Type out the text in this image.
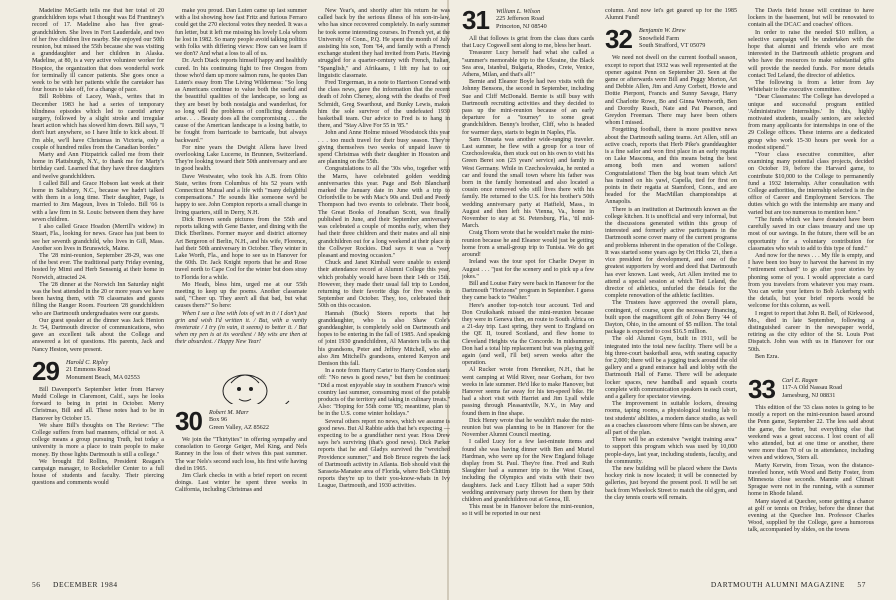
Madeline McGarth tells me that her total of 20 grandchildren tops what I thought was Ed Franttney's record of 17. Madeline also has five great-grandchildren. She lives in Fort Lauderdale, and two of her five children live nearby. She enjoyed our 50th reunion, but missed the 55th because she was visiting a granddaughter and her children in Alaska. Madeline, at 80, is a very active volunteer worker for Hospice, the organization that does wonderful work for terminally ill cancer patients. She goes once a week to be with her patients while the caretaker has four hours to take off, for a change of pace.

Bill Robbins of Lacey, Wash., writes that in December 1983 he had a series of temporary blindness episodes which led to carotid artery surgery, followed by a slight stroke and irregular heart action which has slowed him down. Bill says, "I don't hurt anywhere, so I have little to kick about. If I'm able, we'll have Christmas in Victoria, only a couple of hundred miles from the Canadian border."

Marty and Ann Fitzpatrick called me from their home in Plattsburgh, N.Y., to thank me for Marty's birthday card. Learned that they have three daughters and twelve grandchildren.

I called Bill and Grace Hobson last week at their home in Salisbury, N.C., because we hadn't talked with them in a long time. Their daughter, Page, is married to Jim Magoun, lives in Toledo. Bill '66 is with a law firm in St. Louis: between them they have seven children.

I also called Grace Hoadon (Merrill's widow) in Stuart, Fla., looking for news. Grace has just been to see her seventh grandchild, who lives in Gill, Mass. Another son lives in Brunswick, Maine.

The '28 mini-reunion, September 28-29, was one of the best ever. The traditional party Friday evening, hosted by Mimi and Herb Sensenig at their home in Norwich, attracted 24.

The '28 dinner at the Norwich Inn Saturday night was the best attended in the 20 or more years we have been having them, with 78 classmates and guests filling the Ranger Room. Fourteen '28 grandchildren who are Dartmouth undergraduates were our guests.

Our guest speaker at the dinner was Jack Henion Jr. '54, Dartmouth director of communications, who gave an excellent talk about the College and answered a lot of questions. His parents, Jack and Nancy Heston, were present.

29	Harold C. Ripley
21 Emmons Road
Monument Beach, MA 02553

Bill Davenport's September letter from Harvey Mudd College in Claremont, Calif., says he looks forward to being in print in October. Merry Christmas, Bill and all. These notes had to be in Hanover by October 15.

We share Bill's thoughts on The Review: "The College suffers from bad manners, official or not. A college means a group pursuing Truth, but today a university is more a place to train people to make money. By those lights Dartmouth is still a college."

We brought Ed Rollins, President Reagan's campaign manager, to Rockefeller Center to a full house of students and faculty. Their piercing questions and comments would

make you proud. Dan Luten came up last summer with a list showing how fast Fritz and furious Ferraro could get the 270 electoral votes they needed. It was a fun letter, but it left me missing his lovely Lola whom he lost in 1982. So many people avoid talking politics with folks with differing views: How can we learn if we don't? And what a loss to all of us.

Dr. Arch Diack reports himself happy and healthily cured. In his continuing fight to free Oregon from those who'd dam up more salmon runs, he quotes Dan Luten's essay from The Living Wilderness: "So long as Americans continue to value both the useful and the beautiful qualities of the landscape, so long as they are beset by both nostalgia and wanderlust, for so long will the problems of conflicting demands arise. . . . Beauty does all the compromising . . . the cause of the American landscape is a losing battle, to be fought from barricade to barricade, but always backward."

For nine years the Dwight Allens have lived overlooking Lake Lucerne, in Brunnen, Switzerland. They're looking toward their 50th anniversary and are in good health.

Dave Westwater, who took his A.B. from Ohio State, writes from Columbus of his 52 years with Connecticut Mutual and a life with "many delightful compensations." He sounds like someone we'd be happy to see. John Compton reports a small change in living quarters, still in Derry, N.H.

Dick Brown sends pictures from the 55th and reports talking with Gene Baxter, and dining with the Dick Eberlines. Former mayor and district attorney Art Bergeron of Berlin, N.H., and his wife, Florence, had their 50th anniversary in October. They winter in Lake Worth, Fla., and hope to see us in Hanover for the 60th. Dr. Jack Knight reports that he and Rose travel north to Cape Cod for the winter but does stray to Florida for a while.

Mo Heath, bless him, urged me at our 55th meeting to keep up the poems. Another classmate said, "Cheer up. They aren't all that bad, but what causes them?" So here:

When I see a line with lots of wit in it / I don't just grin and wish I'd written it. / But, with a vanity inveterate / I try (in vain, it seems) to better it. / But when my pen is at its wordiest / My wits are then at their absurdest. / Happy New Year!

New Year's, and shortly after his return he was called back by the serious illness of his son-in-law, who has since recovered completely. In early summer he took some interesting courses. In French yet, at the University of Conn., P.Q. He spent the month of July assisting his son, Tom '64, and family with a French exchange student they had invited from Paris. Having struggled for a quarter-century with French, Italian, "Spanglish," and Afrikaans, I lift my hat to our linguistic classmate.

Fred Torgerman, in a note to Harrison Conrad with the class news, gave the information that the recent death of John Cheney, along with the deaths of Fred Schmidt, Greg Swarthout, and Bunky Lewis, makes him the sole survivor of the undefeated 1930 basketball team. Our advice to Fred is to hang in there, and "Stay Alive For 55 in '85."

John and Anne Holme missed Woodstock this year . . . too much travel for their busy season. They're giving themselves two weeks of unpaid leave to spend Christmas with their daughter in Houston and are planning on the 55th.

Congratulations to all the '30s who, together with the Marrs, have celebrated golden wedding anniversaries this year. Page and Bob Blanchard marked the January date in June with a trip to Orfordville to be with Mac's 90s and. Dud and Peedy Thompson had two events to celebrate. Their book, The Great Books of Jonathan Scott, was finally published in June, and their September anniversary was celebrated a couple of months early, when they had their three children and their mates and all nine grandchildren out for a long weekend at their place in the Collwyer Rockies. Dud says it was a "very pleasant and moving occasion."

Chuck and Janet Kimball were unable to extend their attendance record at Alumni College this year, which probably would have been their 14th or 15th. However, they made their usual fall trip to London, returning to their favorite digs for five weeks in September and October. They, too, celebrated their 50th on this occasion.

Hannah (Buck) Steers reports that her granddaughter, who is also Shaw Cole's granddaughter, is completely sold on Dartmouth and hopes to be entering in the fall of 1985. And speaking of joint 1930 grandchildren, Al Marsters tells us that his grandsons, Peter and Jeffrey Mitchell, who are also Jim Mitchell's grandsons, entered Kenyon and Denison this fall.

In a note from Harry Carter to Harry Condon starts off: "No news is good news," but then he continues: "Did a most enjoyable stay in southern France's wine country last summer, consuming most of the potable products of the territory and taking in culinary treats." Also: "Hoping for 55th come '85; meantime, plan to be in the U.S. come winter holidays."

Several others report no news, which we assume is good news. But Al Rabbie adds that he's expecting — expecting to be a grandfather next year. Hoss Drew says he's surviving (that's good news). Dick Parker reports that he and Gladys survived the "wretched Providence summer," and Bob Bruce regrets the lack of Dartmouth activity in Atlanta. Bob should visit the Sarasota-Manatee area of Florida, where Bob Chittim reports they're up to their you-know-whats in Ivy League, Dartmouth, and 1930 activities.

30	Robert M. Marr
Box 96
Green Valley, AZ 85622

We join the "Thirtyites" in offering sympathy and consolation to George Geiger, Mel King, and Nels Ranney in the loss of their wives this past summer. The war Nels's second such loss, his first wife having died in 1965.

Jim Clark checks in with a brief report on recent doings. Last winter he spent three weeks in California, including Christmas and

31	William L. Wilson
225 Jefferson Road
Princeton, NJ 08540

All that follows is grist from the class dues cards that Lucy Cogswell sent along to me, bless her heart.

Treasurer Lucy herself had what she called a "summer's memorable trip to the Ukraine, the Black Sea area, Istanbul, Bulgaria, Rhodes, Crete, Venice, Athens, Milan, and that's all!"

Bernie and Eleanor Boyle had two visits with the Johnny Bensons, the second in September, including Sue and Cliff McDonald. Bernie is still busy with Dartmouth recruiting activities and they decided to pass up the mini-reunion because of an early departure for a "tourney" to some great grandchildren. Benny's brother, Cliff, who is headed for warmer days, starts to begin in Naples, Fla.

Sam Omasta was another wide-ranging traveler. Last summer, he flew with a group for a tour of Czechoslovakia, then stuck out on his own to visit his Green Beret son (23 years' service) and family in West Germany. While in Czechoslovakia, he rented a car and found the small town where his father was born in the family homestead and also located a cousin once removed who still lives there with his family. He returned to the U.S. for his brother's 50th wedding anniversary party at Hatfield, Mass., in August and then left his Vienna, Va., home in November to stay at St. Petersburg, Fla., 'til mid-March.

Craig Thorn wrote that he wouldn't make the mini-reunion because he and Eleanor would just be getting home from a small-group trip to Tunisia. We do get around!

Ireland was the tour spot for Charlie Dwyer in August . . . "just for the scenery and to pick up a few jokes."

Bill and Louise Fairy were back in Hanover for the Dartmouth "Horizons" program in September. I guess they came back to "Walter."

Here's another top-notch tour account. Ted and Don Cruikshank missed the mini-reunion because they were in Geneva then, en route to South Africa on a 21-day trip. Last spring, they went to England on the QE II, toured Scotland, and flew home to Cleveland Heights via the Concorde. In midsummer, Don had a total hip replacement but was playing golf again (and well, I'll bet) seven weeks after the operation.

Al Rucker wrote from Henniker, N.H., that he went camping at Wild River, near Gorham, for two weeks in late summer. He'd like to make Hanover, but Hanover seems far away for his ten-speed bike. He had a short visit with Harriet and Jim Lyall while passing through Pleasantville, N.Y., in May and found them in fine shape.

Dick Henry wrote that he wouldn't make the mini-reunion but was planning to be in Hanover for the November Alumni Council meeting.

I called Lucy for a few last-minute items and found she was having dinner with Ben and Muriel Hardman, who were up for the New England foliage display from St. Paul. They're fine. Fred and Ruth Slaughter had a summer trip to the West Coast, including the Olympics and visits with their two daughters. Jack and Lucy Elliott had a super 50th wedding anniversary party thrown for them by their children and grandchildren out at Genoa, Ill.

This must be in Hanover before the mini-reunion, so it will be reported in our next

column. And now let's get geared up for the 1985 Alumni Fund!

32	Benjamin W. Drew
Snowfield Farm
South Strafford, VT 05079

We need not dwell on the current football season, except to report that 1932 was well represented at the opener against Penn on September 20. Seen at the game or afterwards were Bill and Peggy Morton, Art and Debbie Allen, Jim and Amy Corbett, Howie and Dottie Pierpont, Francis and Sunny Savage, Harry and Charlotte Rowe, Bo and Ginna Wentworth, Ben and Dorothy Rusch, Nate and Pat Pearson, and Greydon Freeman. There may have been others whom I missed.

Forgetting football, there is more positive news about the Dartmouth sailing teams. Art Allen, still an active coach, reports that Herb Pike's granddaughter is a fine sailor and won first place in an early regatta on Lake Mascoma, and this means being the best among both men and women sailors! Congratulations! Then the big boat team which Art has trained on his yawl, Capella, tied for first on points in their regatta at Stamford, Conn., and are headed for the MacMillan championships at Annapolis.

There is an institution at Dartmouth known as the college kitchen. It is unofficial and very informal, but the discussions generated within this group of interested and formerly active participants in the Dartmouth scene cover many of the current programs and problems inherent in the operation of the College. It was started some years ago by Ort Hicks '21, then a vice president for development, and one of the greatest supporters by word and deed that Dartmouth has ever known. Last week, Art Allen invited me to attend a special session at which Ted Leland, the director of athletics, unfurled the details for the complete renovation of the athletic facilities.

The Trustees have approved the overall plans, contingent, of course, upon the necessary financing, built upon the magnificent gift of John Berry '44 of Dayton, Ohio, in the amount of $5 million. The total package is expected to cost $16.5 million.

The old Alumni Gym, built in 1911, will be integrated into the total new facility. There will be a big three-court basketball area, with seating capacity for 2,000; there will be a jogging track around the old gallery and a grand entrance hall and lobby with the Dartmouth Hall of Fame. There will be adequate locker spaces, new handball and squash courts complete with communication speakers in each court, and a gallery for spectator viewing.

The improvement in suitable lockers, dressing rooms, taping rooms, a physiological testing lab to test students' abilities, a modern dance studio, as well as a coaches classroom where films can be shown, are all part of the plan.

There will be an extensive "weight training area" to support this program which was used by 10,000 people-days, last year, including students, faculty, and the community.

The new building will be placed where the Davis hockey rink is now located; it will be connected by galleries, just beyond the present pool. It will be set back from Wheelock Street to match the old gym, and the clay tennis courts will remain.

The Davis field house will continue to have lockers in the basement, but will be renovated to contain all the DCAC and coaches' offices.

In order to raise the needed $10 million, a selective campaign will be undertaken with the hope that alumni and friends who are most interested in the Dartmouth athletic program and who have the resources to make substantial gifts will provide the needed funds. For more details contact Ted Leland, the director of athletics.

The following is from a letter from Jay Whitehair to the executive committee.

"Dear Classmates: The College has developed a unique and successful program entitled 'Administrative Internships.' In this, highly motivated students, usually seniors, are selected from many applicants for internships in one of the 29 College offices. These interns are a dedicated group who work 15-30 hours per week for a modest stipend."

"Your class executive committee, after examining many potential class projects, decided on October 19, before the Harvard game, to contribute $10,000 to the College to permanently fund a 1932 Internship. After consultation with College authorities, the internship selected is in the office of Career and Employment Services. The duties which go with the internship are many and varied but are too numerous to mention here."

"The funds which we have donated have been carefully saved in our class treasury and use up most of our savings. In the future, there will be an opportunity for a voluntary contribution for classmates who wish to add to this type of fund."

And now for the news . . . My file is empty, and I have been too busy to harvest the harvest in my "retirement orchard" to go after your stories by phoning some of you. I would appreciate a card from you travelers from whatever you may roam. You can write your letters to Bob Ackerberg with the details, but your brief reports would be welcome for this column, as well.

I regret to report that John R. Bell, of Kirkwood, Mo., died in late September, following a distinguished career in the newspaper world, retiring as the city editor of the St. Louis Post Dispatch. John was with us in Hanover for our 50th.

Ben Ezra.

33	Carl E. Ragen
117-A Old Nassau Road
Jamesburg, NJ 08831

This edition of the '33 class notes is going to be mostly a report on the mini-reunion based around the Penn game, September 22. The less said about the game, the better, but everything else that weekend was a great success. I lost count of all who attended, but at one time or another, there were more than 70 of us in attendance, including wives and widows, 'Sters all.

Marty Kerwin, from Texas, won the distance-traveled honor, with Wood and Betty Foster, from Minnesota close seconds. Mannie and Chinait Sprague were not in the running, with a summer home in Rhode Island.

Many stayed at Quechee, some getting a chance at golf or tennis on Friday, before the dinner that evening at the Quechee Inn. Professor Charles Wood, supplied by the College, gave a humorous talk, accompanied by slides, on the towns

56 DECEMBER 1984	DARTMOUTH ALUMNI MAGAZINE 57
